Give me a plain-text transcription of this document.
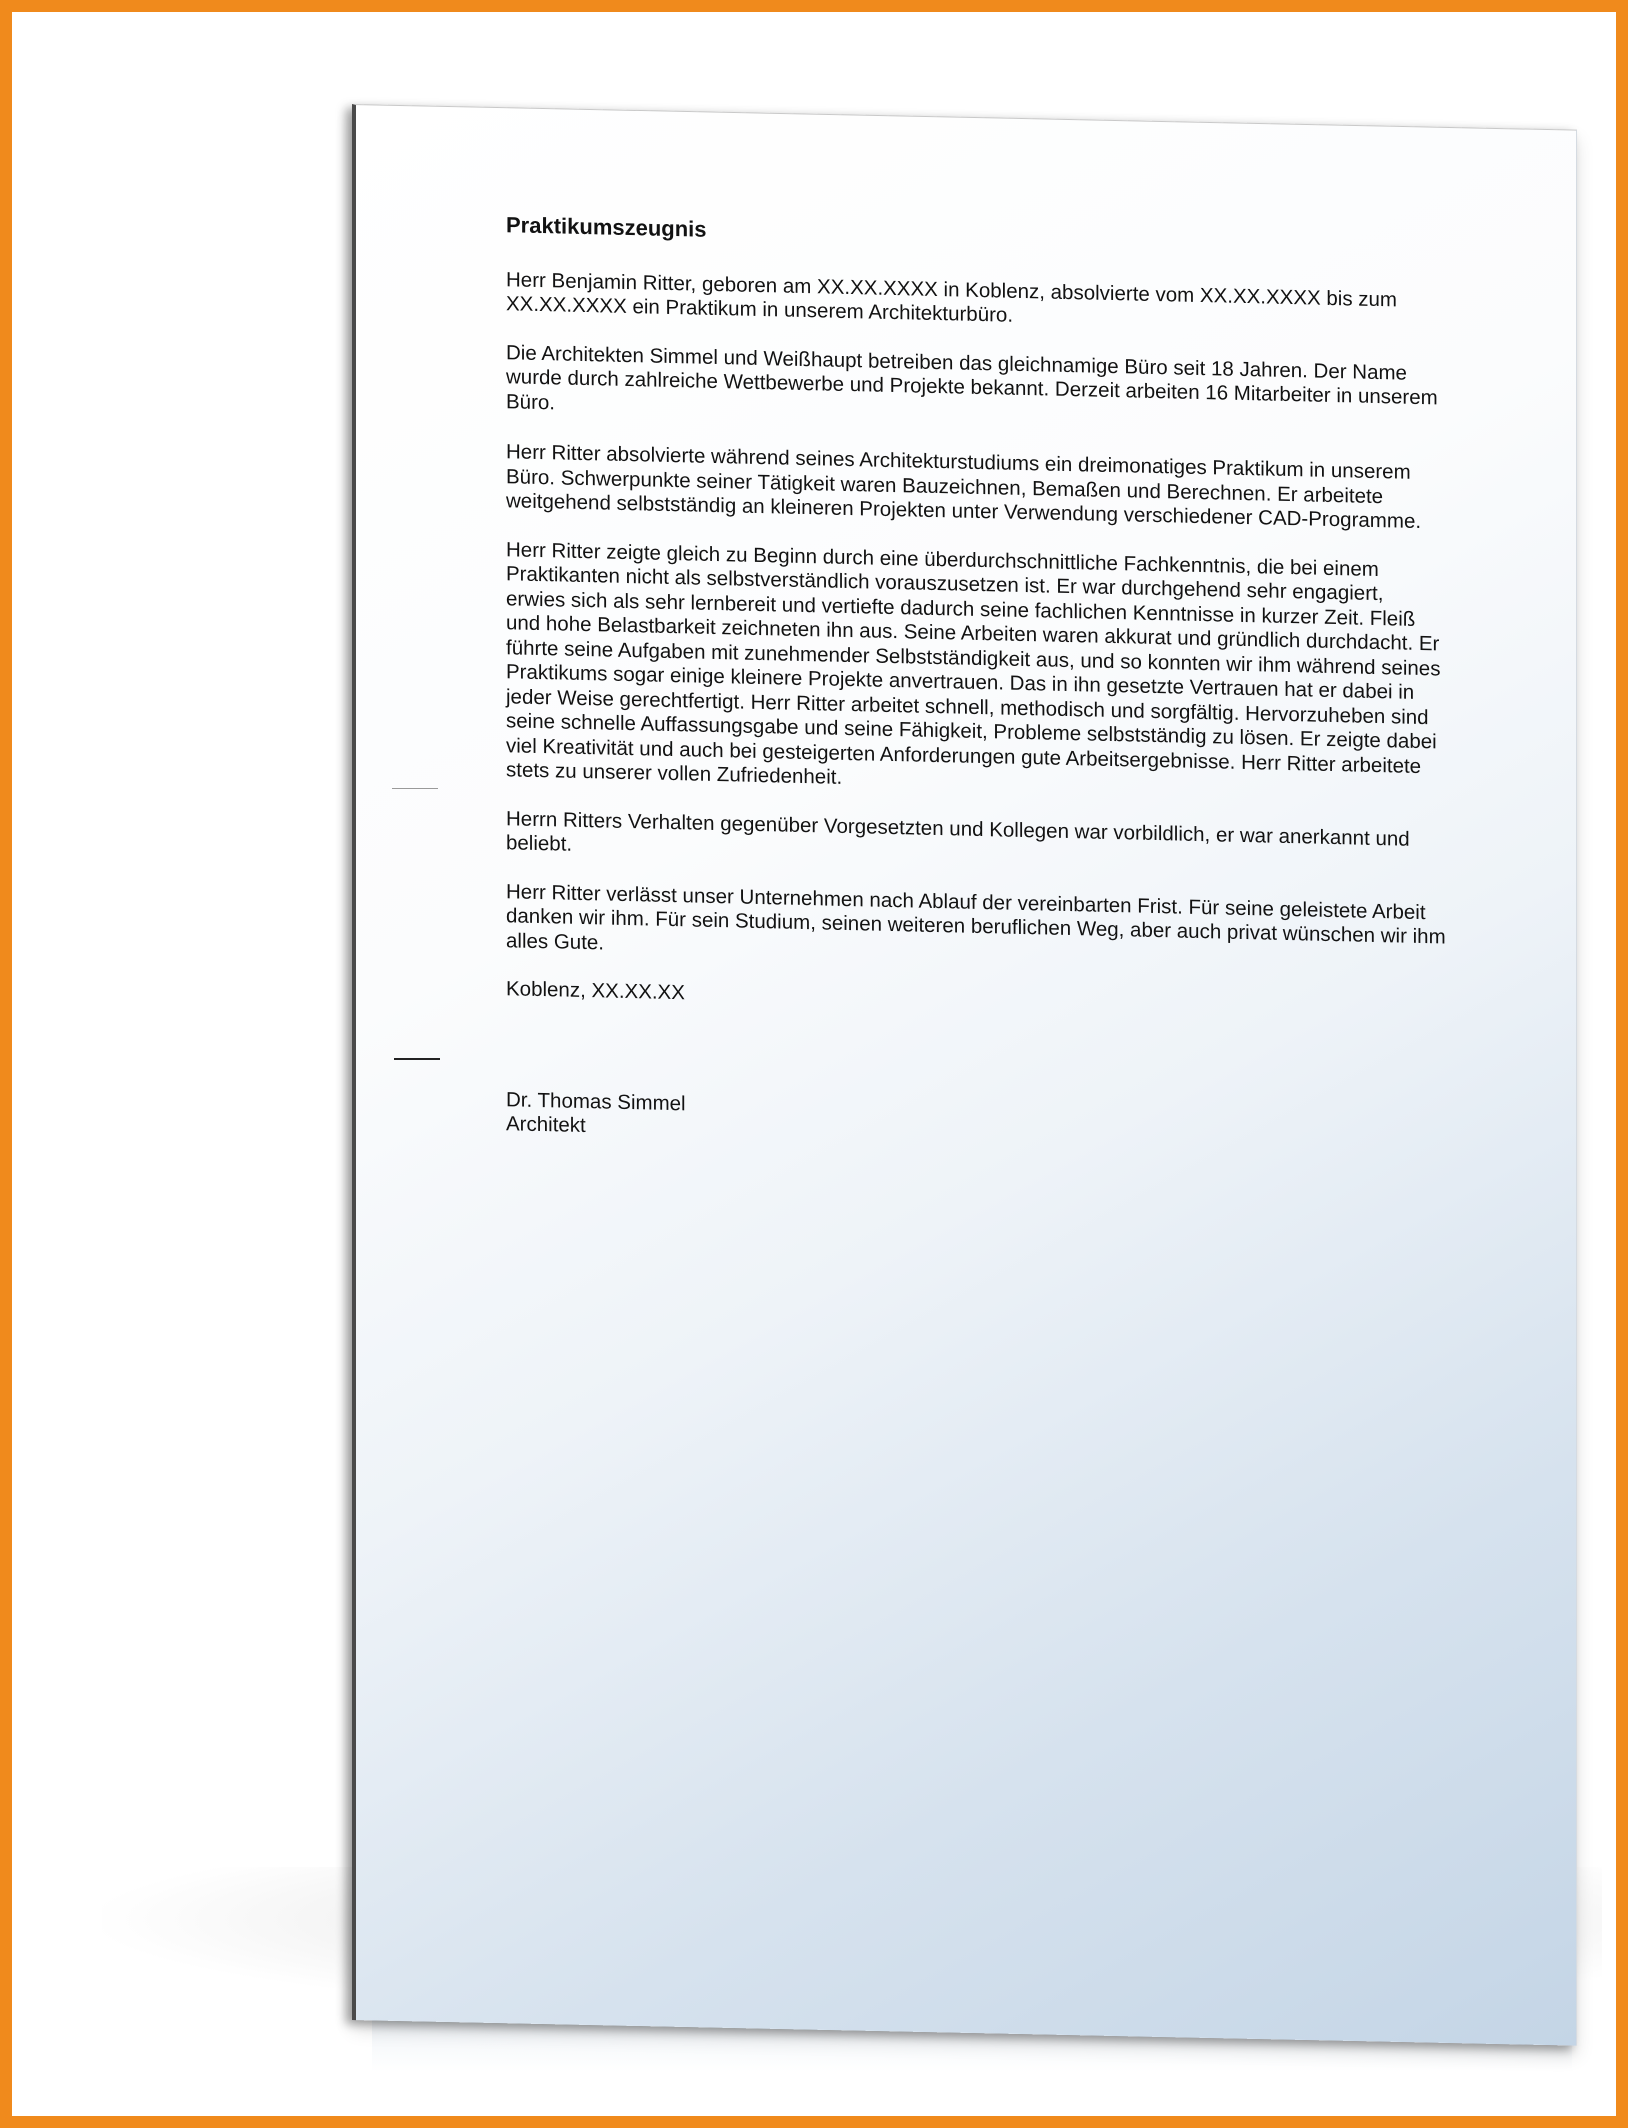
Praktikumszeugnis

Herr Benjamin Ritter, geboren am XX.XX.XXXX in Koblenz, absolvierte vom XX.XX.XXXX bis zum XX.XX.XXXX ein Praktikum in unserem Architekturbüro.

Die Architekten Simmel und Weißhaupt betreiben das gleichnamige Büro seit 18 Jahren. Der Name wurde durch zahlreiche Wettbewerbe und Projekte bekannt. Derzeit arbeiten 16 Mitarbeiter in unserem Büro.

Herr Ritter absolvierte während seines Architekturstudiums ein dreimonatiges Praktikum in unserem Büro. Schwerpunkte seiner Tätigkeit waren Bauzeichnen, Bemaßen und Berechnen. Er arbeitete weitgehend selbstständig an kleineren Projekten unter Verwendung verschiedener CAD-Programme.

Herr Ritter zeigte gleich zu Beginn durch eine überdurchschnittliche Fachkenntnis, die bei einem Praktikanten nicht als selbstverständlich vorauszusetzen ist. Er war durchgehend sehr engagiert, erwies sich als sehr lernbereit und vertiefte dadurch seine fachlichen Kenntnisse in kurzer Zeit. Fleiß und hohe Belastbarkeit zeichneten ihn aus. Seine Arbeiten waren akkurat und gründlich durchdacht. Er führte seine Aufgaben mit zunehmender Selbstständigkeit aus, und so konnten wir ihm während seines Praktikums sogar einige kleinere Projekte anvertrauen. Das in ihn gesetzte Vertrauen hat er dabei in jeder Weise gerechtfertigt. Herr Ritter arbeitet schnell, methodisch und sorgfältig. Hervorzuheben sind seine schnelle Auffassungsgabe und seine Fähigkeit, Probleme selbstständig zu lösen. Er zeigte dabei viel Kreativität und auch bei gesteigerten Anforderungen gute Arbeitsergebnisse. Herr Ritter arbeitete stets zu unserer vollen Zufriedenheit.

Herrn Ritters Verhalten gegenüber Vorgesetzten und Kollegen war vorbildlich, er war anerkannt und beliebt.

Herr Ritter verlässt unser Unternehmen nach Ablauf der vereinbarten Frist. Für seine geleistete Arbeit danken wir ihm. Für sein Studium, seinen weiteren beruflichen Weg, aber auch privat wünschen wir ihm alles Gute.

Koblenz, XX.XX.XX

Dr. Thomas Simmel

Architekt
